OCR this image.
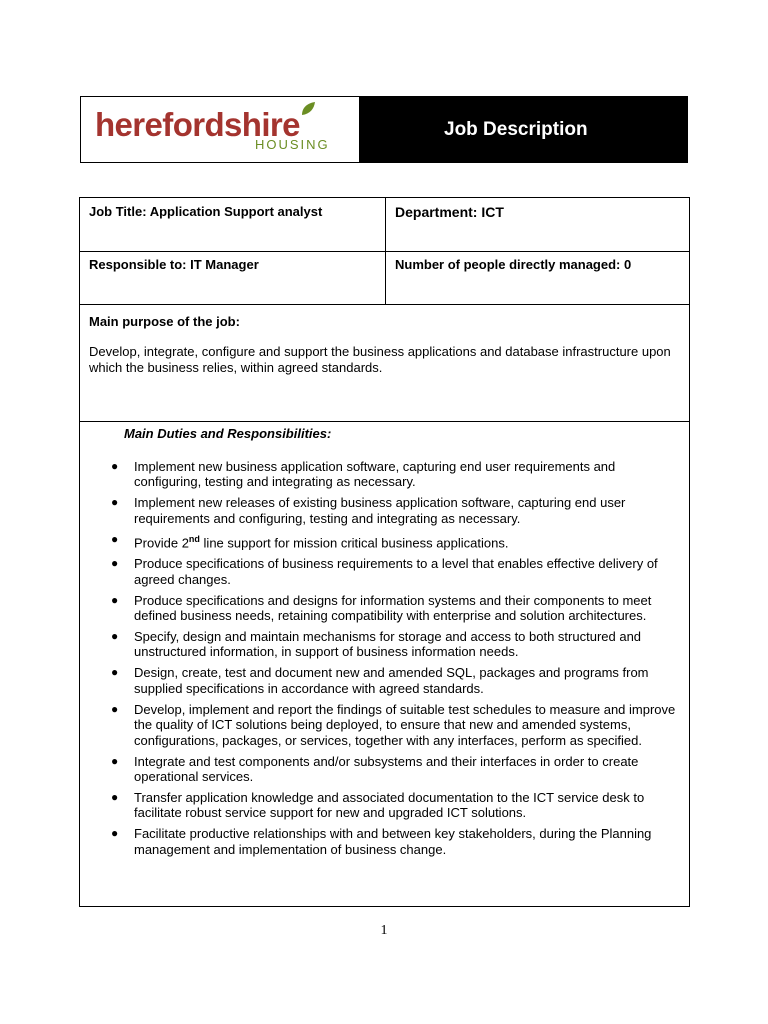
herefordshire
HOUSING
Job Description
Job Title: Application Support analyst	Department: ICT
Responsible to: IT Manager	Number of people directly managed: 0
Main purpose of the job:
Develop, integrate, configure and support the business applications and database infrastructure upon which the business relies, within agreed standards.
Main Duties and Responsibilities:
● Implement new business application software, capturing end user requirements and configuring, testing and integrating as necessary.
● Implement new releases of existing business application software, capturing end user requirements and configuring, testing and integrating as necessary.
● Provide 2nd line support for mission critical business applications.
● Produce specifications of business requirements to a level that enables effective delivery of agreed changes.
● Produce specifications and designs for information systems and their components to meet defined business needs, retaining compatibility with enterprise and solution architectures.
● Specify, design and maintain mechanisms for storage and access to both structured and unstructured information, in support of business information needs.
● Design, create, test and document new and amended SQL, packages and programs from supplied specifications in accordance with agreed standards.
● Develop, implement and report the findings of suitable test schedules to measure and improve the quality of ICT solutions being deployed, to ensure that new and amended systems, configurations, packages, or services, together with any interfaces, perform as specified.
● Integrate and test components and/or subsystems and their interfaces in order to create operational services.
● Transfer application knowledge and associated documentation to the ICT service desk to facilitate robust service support for new and upgraded ICT solutions.
● Facilitate productive relationships with and between key stakeholders, during the Planning management and implementation of business change.
1
